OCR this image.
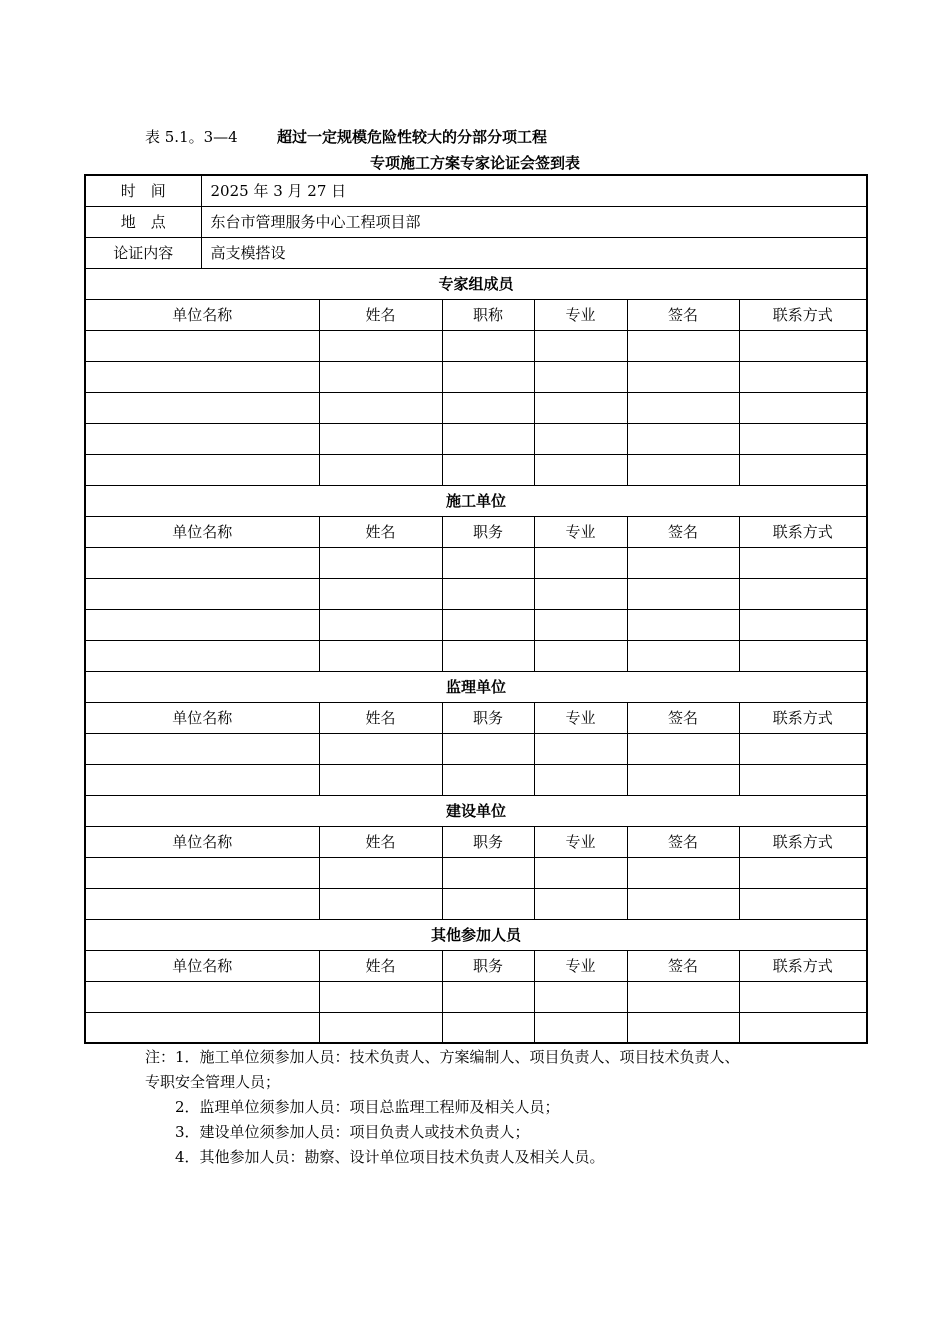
表 5.1。3—4	超过一定规模危险性较大的分部分项工程
专项施工方案专家论证会签到表
时　间	2025 年 3 月 27 日					
地　点	东台市管理服务中心工程项目部					
论证内容	高支模搭设					
专家组成员						
单位名称		姓名	职称	专业	签名	联系方式

施工单位						
单位名称		姓名	职务	专业	签名	联系方式

监理单位						
单位名称		姓名	职务	专业	签名	联系方式

建设单位						
单位名称		姓名	职务	专业	签名	联系方式

其他参加人员						
单位名称		姓名	职务	专业	签名	联系方式

注：1．施工单位须参加人员：技术负责人、方案编制人、项目负责人、项目技术负责人、
专职安全管理人员；
2．监理单位须参加人员：项目总监理工程师及相关人员；
3．建设单位须参加人员：项目负责人或技术负责人；
4．其他参加人员：勘察、设计单位项目技术负责人及相关人员。
